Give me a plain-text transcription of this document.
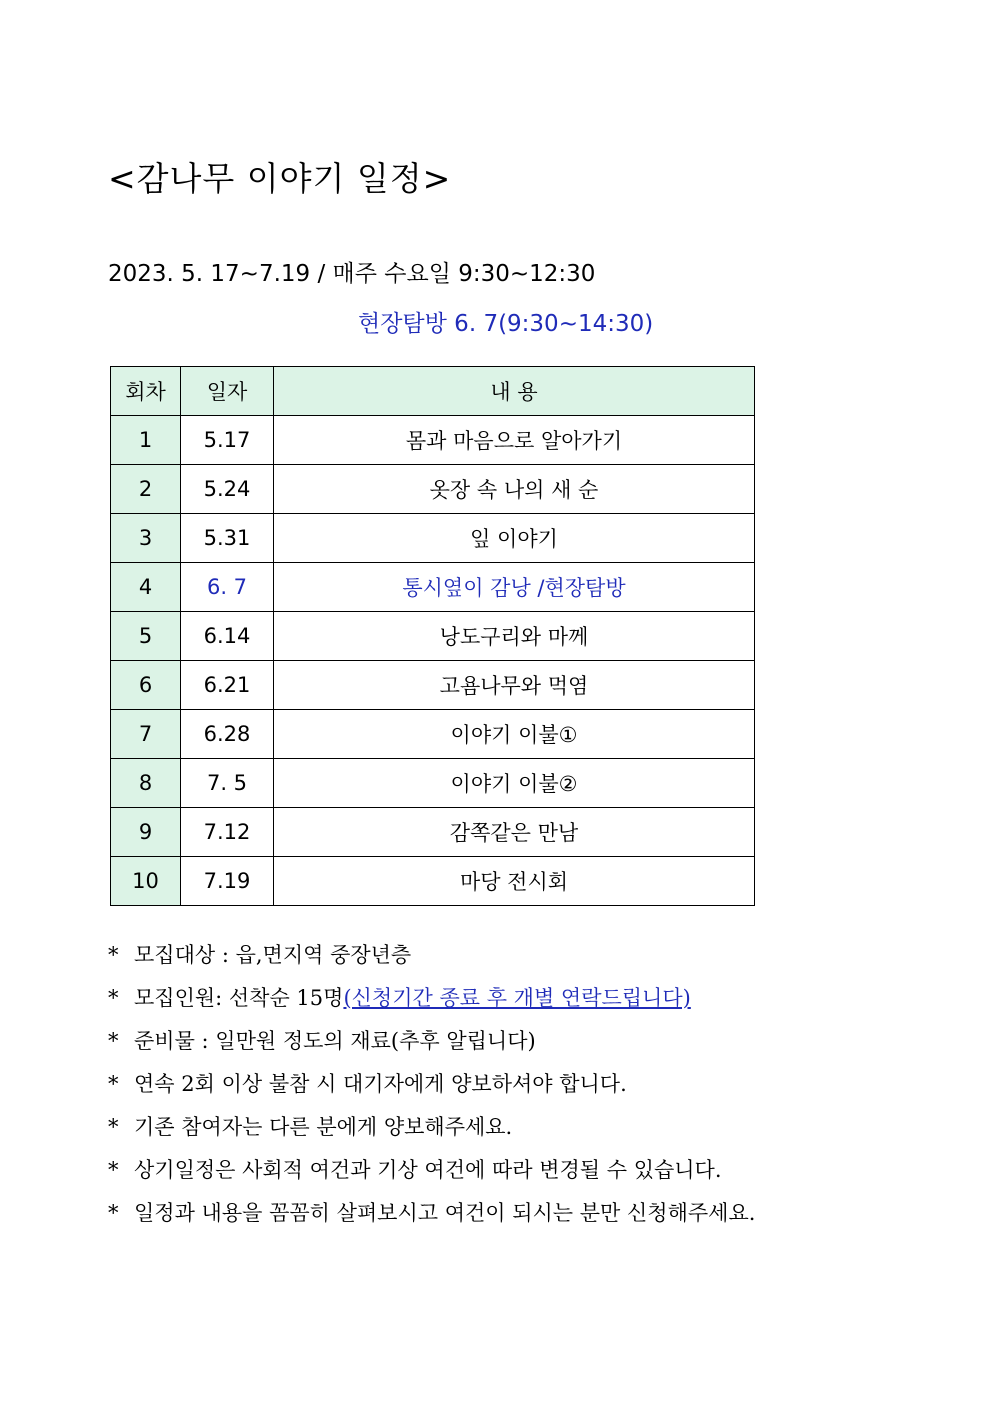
<감나무 이야기 일정>
2023. 5. 17~7.19 / 매주 수요일 9:30~12:30
현장탐방 6. 7(9:30~14:30)
회차	일자	내 용
1	5.17	몸과 마음으로 알아가기
2	5.24	옷장 속 나의 새 순
3	5.31	잎 이야기
4	6. 7	통시옆이 감낭 /현장탐방
5	6.14	낭도구리와 마께
6	6.21	고욤나무와 먹염
7	6.28	이야기 이불①
8	7. 5	이야기 이불②
9	7.12	감쪽같은 만남
10	7.19	마당 전시회
* 모집대상 : 읍,면지역 중장년층
* 모집인원: 선착순 15명(신청기간 종료 후 개별 연락드립니다)
* 준비물 : 일만원 정도의 재료(추후 알립니다)
* 연속 2회 이상 불참 시 대기자에게 양보하셔야 합니다.
* 기존 참여자는 다른 분에게 양보해주세요.
* 상기일정은 사회적 여건과 기상 여건에 따라 변경될 수 있습니다.
* 일정과 내용을 꼼꼼히 살펴보시고 여건이 되시는 분만 신청해주세요.
